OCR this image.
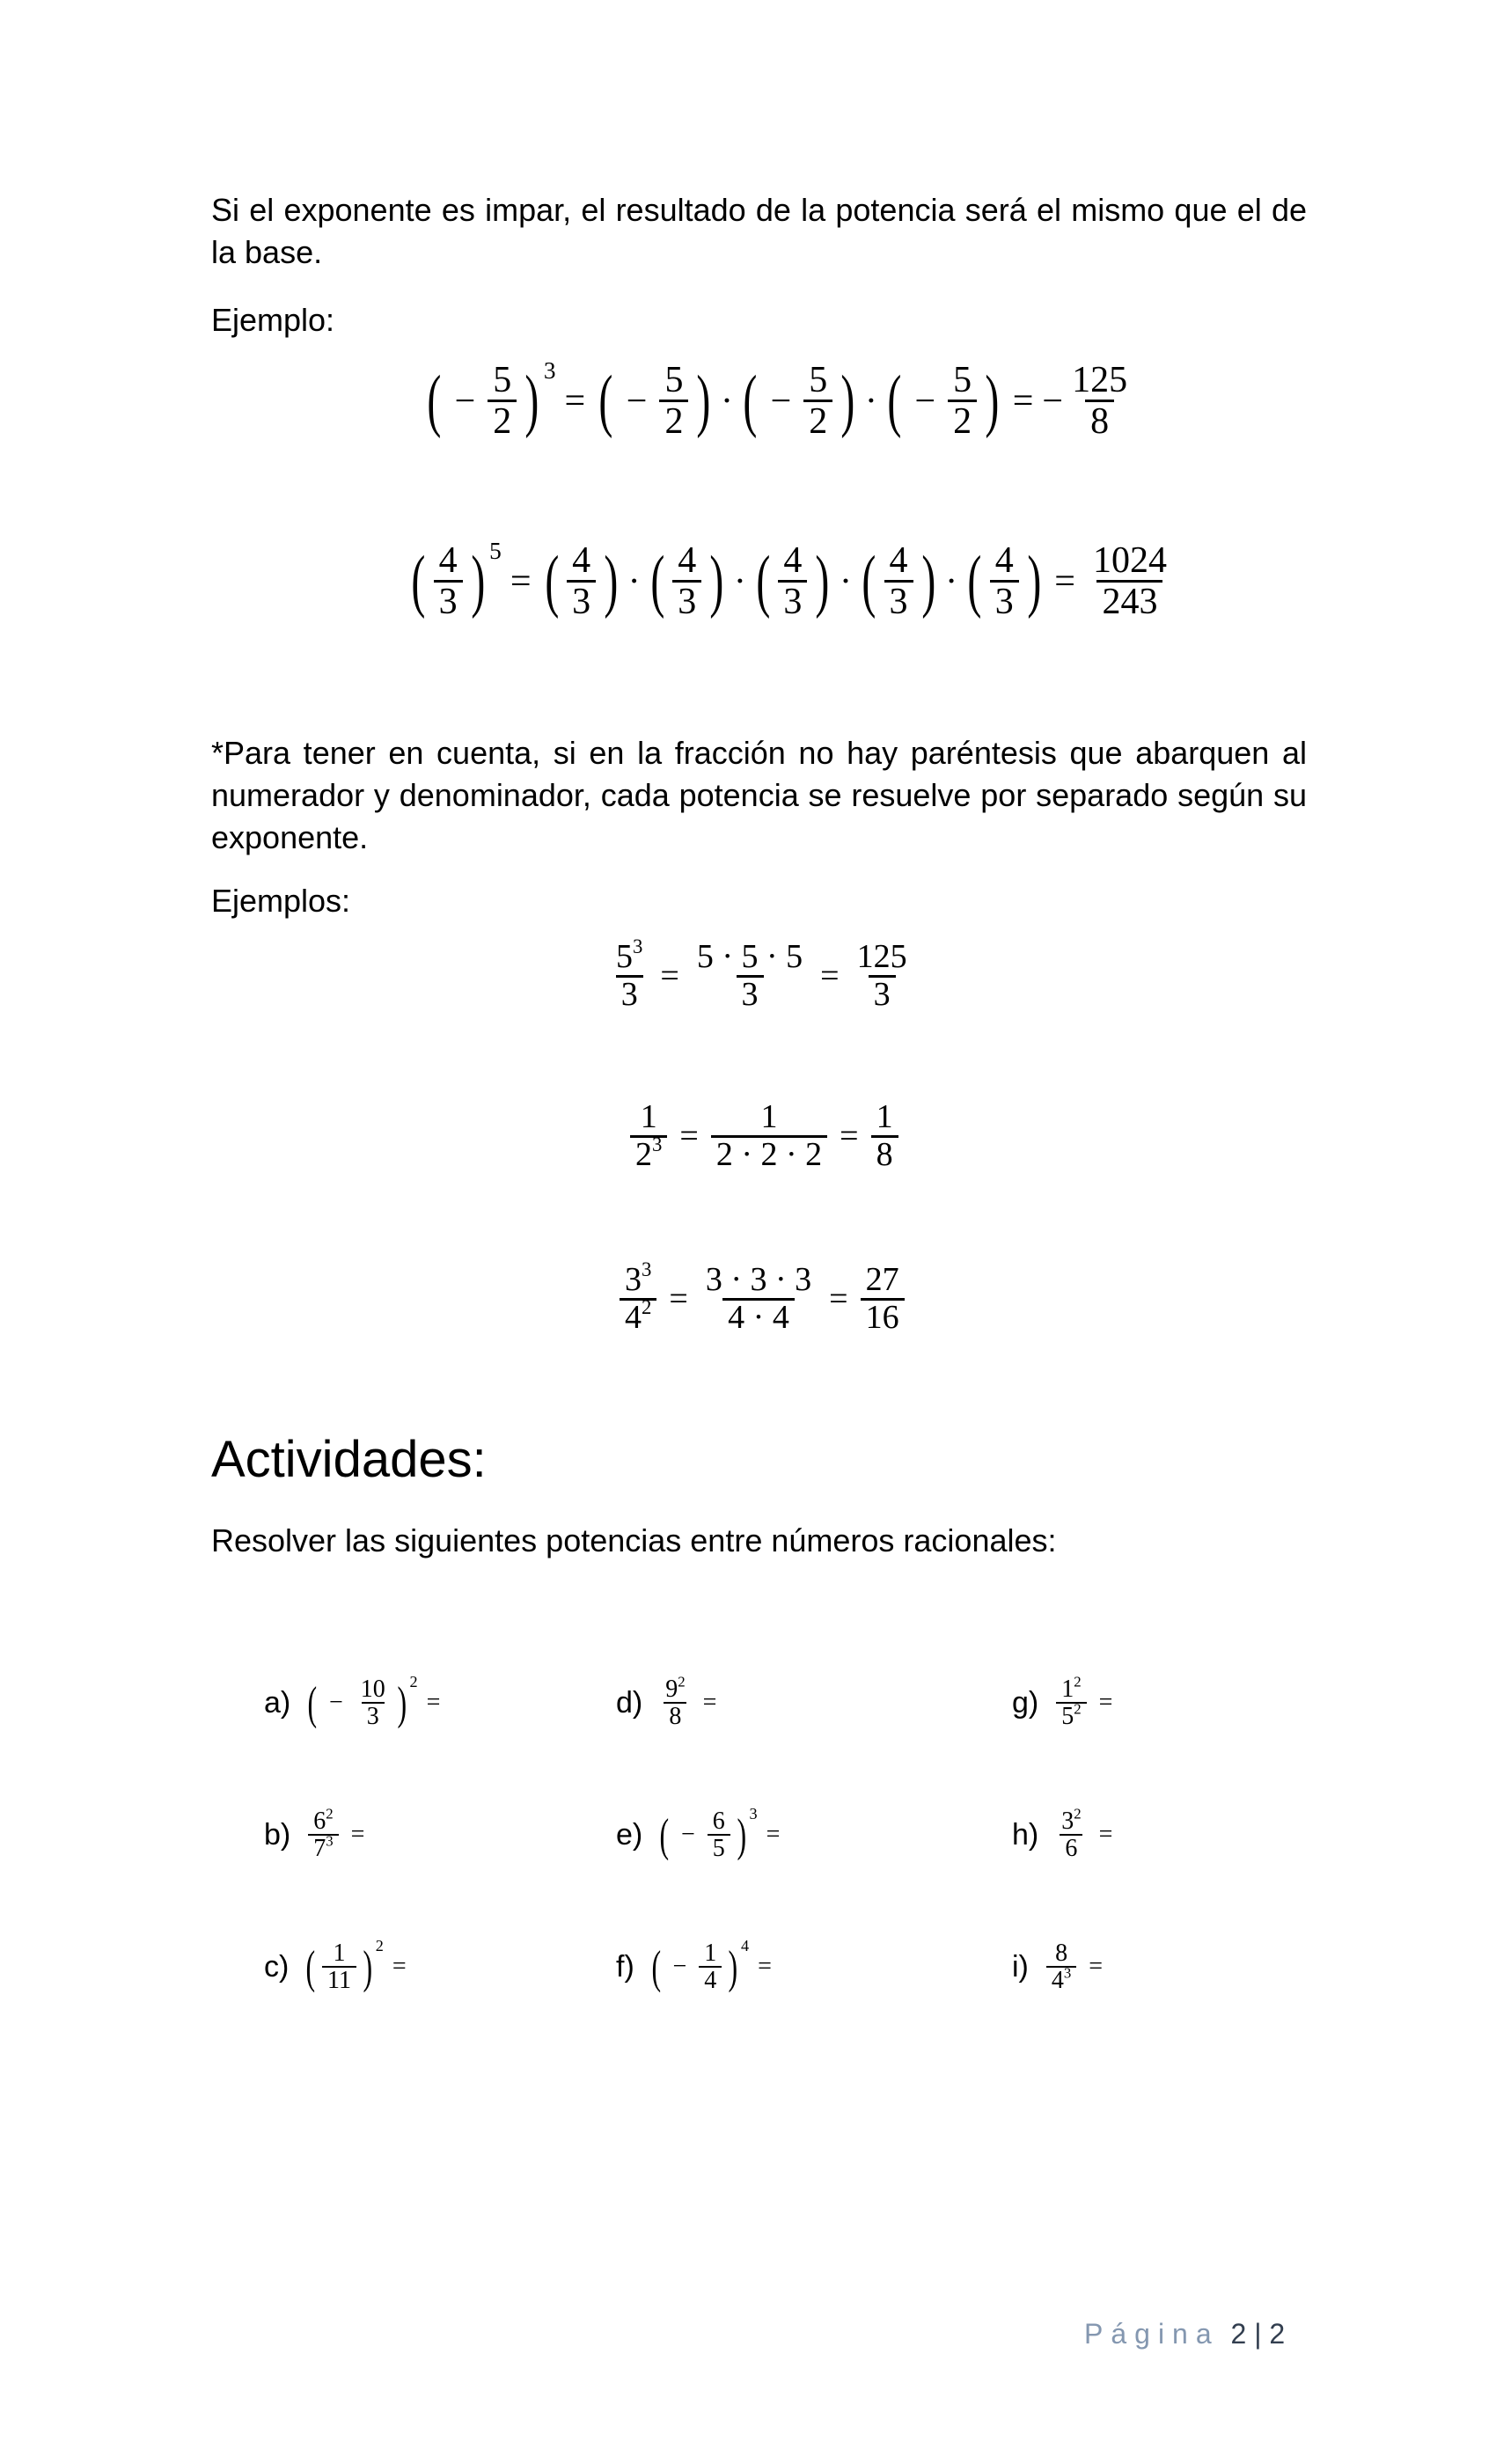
Si el exponente es impar, el resultado de la potencia será el mismo que el de la base.

Ejemplo:

( − $\frac{5}{2}$ ) 3
= ( − $\frac{5}{2}$ ) · ( − $\frac{5}{2}$ ) · ( − $\frac{5}{2}$ ) = − $\frac{125}{8}$
( $\frac{4}{3}$ ) 5
= ( $\frac{4}{3}$ ) · ( $\frac{4}{3}$ ) · ( $\frac{4}{3}$ ) · ( $\frac{4}{3}$ ) · ( $\frac{4}{3}$ ) = $\frac{1024}{243}$

*Para tener en cuenta, si en la fracción no hay paréntesis que abarquen al numerador y denominador, cada potencia se resuelve por separado según su exponente.

Ejemplos:

$\frac{5^3}{3} = \frac{5 \cdot 5 \cdot 5}{3} = \frac{125}{3}$
$\frac{1}{2^3} = \frac{1}{2 \cdot 2 \cdot 2} = \frac{1}{8}$
$\frac{3^3}{4^2} = \frac{3 \cdot 3 \cdot 3}{4 \cdot 4} = \frac{27}{16}$
Actividades:

Resolver las siguientes potencias entre números racionales:

a) ( − $\frac{10}{3}$ ) 2
=
$b) \frac{6^2}{7^3}$ =
c) ( $\frac{1}{11}$ ) 2
=
$d) \frac{9^2}{8}$ =
e) ( − $\frac{6}{5}$ ) 3
=
f) ( − $\frac{1}{4}$ ) 4
=
$g) \frac{1^2}{5^2}$ =
$h) \frac{3^2}{6}$ =
$i) \frac{8}{4^3}$ =
Página 2 | 2
